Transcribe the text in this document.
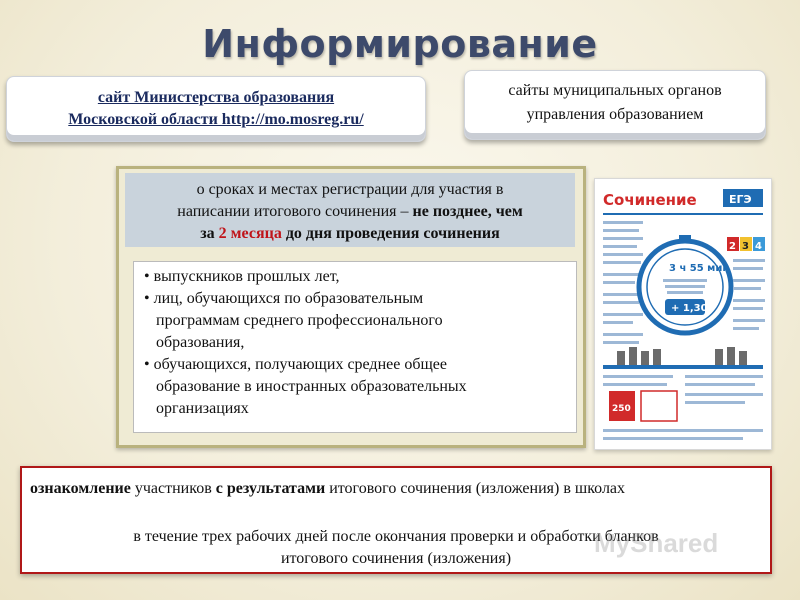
Информирование
сайт Министерства образования
Московской области http://mo.mosreg.ru/
сайты муниципальных органов
управления образованием
о сроках и местах регистрации для участия в
написании итогового сочинения – не позднее, чем
за 2 месяца до дня проведения сочинения
• выпускников прошлых лет,
• лиц, обучающихся по образовательным
программам среднего профессионального
образования,
• обучающихся, получающих среднее общее
образование в иностранных образовательных
организациях
Сочинение	ЕГЭ
3 ч 55 мин
+ 1,30
2 3 4
250
ознакомление участников с результатами итогового сочинения (изложения) в школах
в течение трех рабочих дней после окончания проверки и обработки бланков
итогового сочинения (изложения)
MyShared
